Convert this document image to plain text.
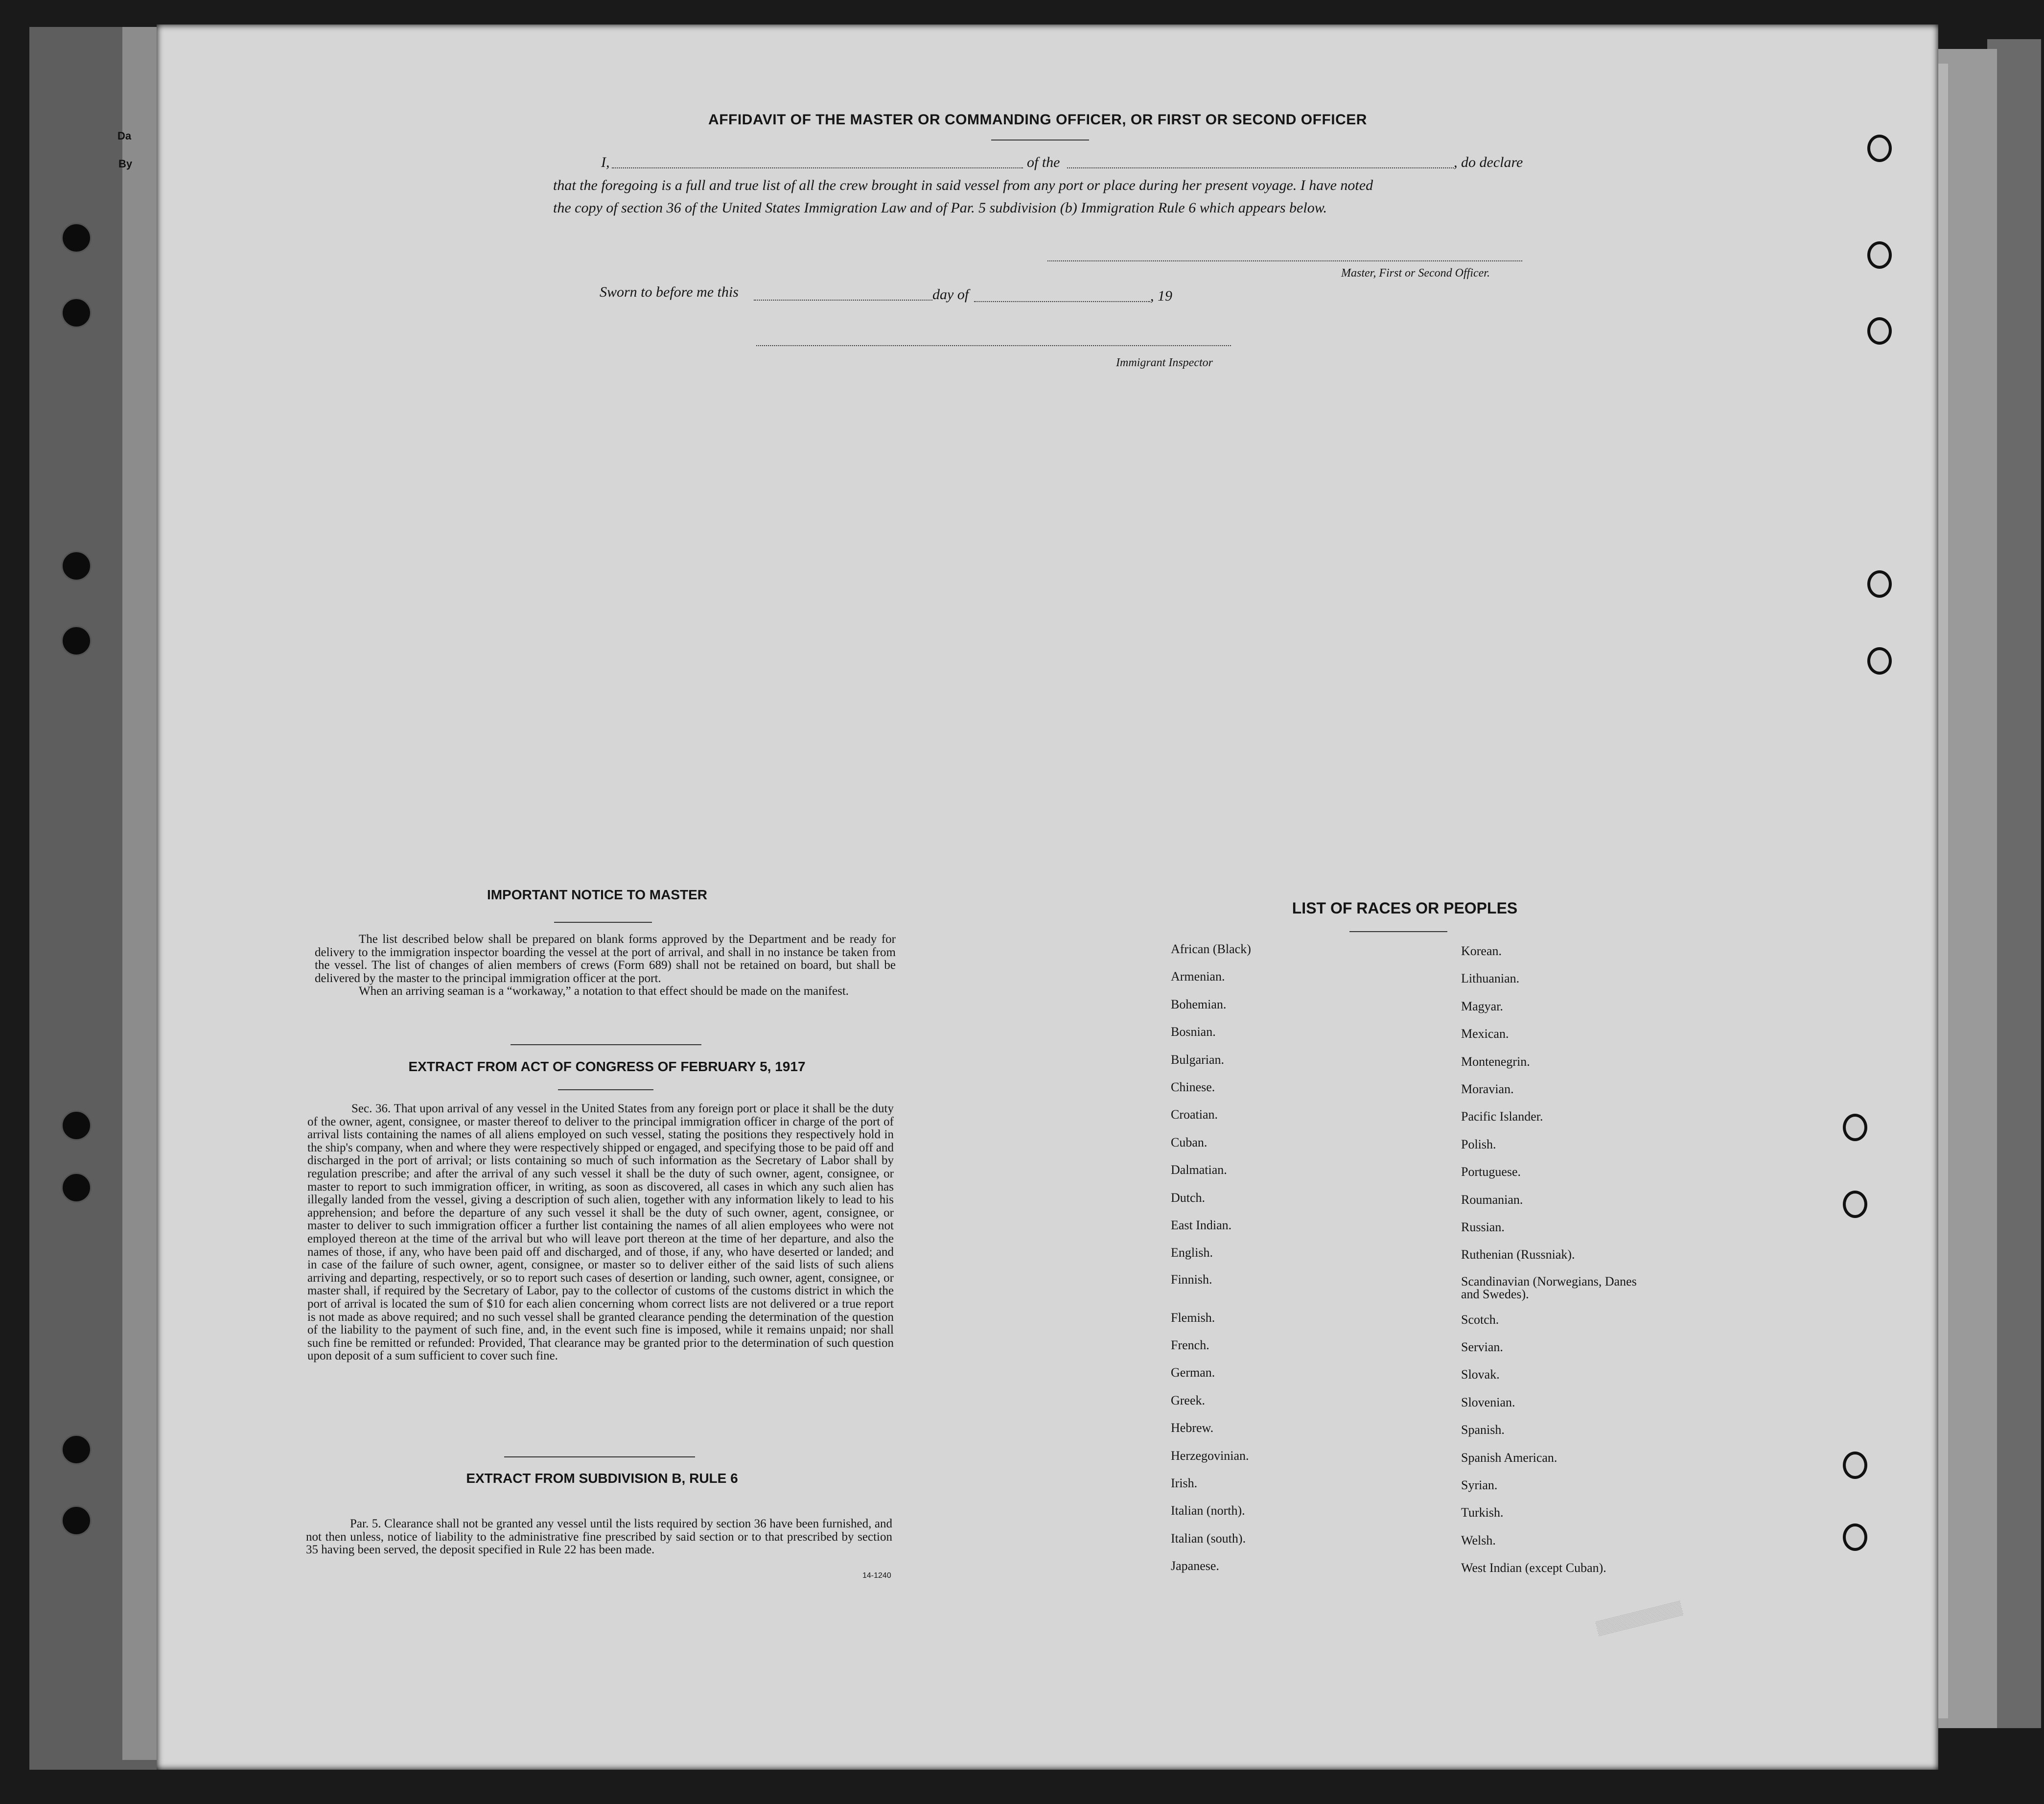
Da
By
AFFIDAVIT OF THE MASTER OR COMMANDING OFFICER, OR FIRST OR SECOND OFFICER
I,	of the	, do declare
that the foregoing is a full and true list of all the crew brought in said vessel from any port or place during her present voyage. I have noted
the copy of section 36 of the United States Immigration Law and of Par. 5 subdivision (b) Immigration Rule 6 which appears below.
Master, First or Second Officer.
Sworn to before me this	day of	, 19
Immigrant Inspector
IMPORTANT NOTICE TO MASTER

The list described below shall be prepared on blank forms approved by the Department and be ready for delivery to the immigration inspector boarding the vessel at the port of arrival, and shall in no instance be taken from the vessel. The list of changes of alien members of crews (Form 689) shall not be retained on board, but shall be delivered by the master to the principal immigration officer at the port.

When an arriving seaman is a “workaway,” a notation to that effect should be made on the manifest.

EXTRACT FROM ACT OF CONGRESS OF FEBRUARY 5, 1917

Sec. 36. That upon arrival of any vessel in the United States from any foreign port or place it shall be the duty of the owner, agent, consignee, or master thereof to deliver to the principal immigration officer in charge of the port of arrival lists containing the names of all aliens employed on such vessel, stating the positions they respectively hold in the ship's company, when and where they were respectively shipped or engaged, and specifying those to be paid off and discharged in the port of arrival; or lists containing so much of such information as the Secretary of Labor shall by regulation prescribe; and after the arrival of any such vessel it shall be the duty of such owner, agent, consignee, or master to report to such immigration officer, in writing, as soon as discovered, all cases in which any such alien has illegally landed from the vessel, giving a description of such alien, together with any information likely to lead to his apprehension; and before the departure of any such vessel it shall be the duty of such owner, agent, consignee, or master to deliver to such immigration officer a further list containing the names of all alien employees who were not employed thereon at the time of the arrival but who will leave port thereon at the time of her departure, and also the names of those, if any, who have been paid off and discharged, and of those, if any, who have deserted or landed; and in case of the failure of such owner, agent, consignee, or master so to deliver either of the said lists of such aliens arriving and departing, respectively, or so to report such cases of desertion or landing, such owner, agent, consignee, or master shall, if required by the Secretary of Labor, pay to the collector of customs of the customs district in which the port of arrival is located the sum of $10 for each alien concerning whom correct lists are not delivered or a true report is not made as above required; and no such vessel shall be granted clearance pending the determination of the question of the liability to the payment of such fine, and, in the event such fine is imposed, while it remains unpaid; nor shall such fine be remitted or refunded: Provided, That clearance may be granted prior to the determination of such question upon deposit of a sum sufficient to cover such fine.

EXTRACT FROM SUBDIVISION B, RULE 6

Par. 5. Clearance shall not be granted any vessel until the lists required by section 36 have been furnished, and not then unless, notice of liability to the administrative fine prescribed by said section or to that prescribed by section 35 having been served, the deposit specified in Rule 22 has been made.

14-1240
LIST OF RACES OR PEOPLES
African (Black)
Armenian.
Bohemian.
Bosnian.
Bulgarian.
Chinese.
Croatian.
Cuban.
Dalmatian.
Dutch.
East Indian.
English.
Finnish.
Flemish.
French.
German.
Greek.
Hebrew.
Herzegovinian.
Irish.
Italian (north).
Italian (south).
Japanese.
Korean.
Lithuanian.
Magyar.
Mexican.
Montenegrin.
Moravian.
Pacific Islander.
Polish.
Portuguese.
Roumanian.
Russian.
Ruthenian (Russniak).
Scandinavian (Norwegians, Danes and Swedes).
Scotch.
Servian.
Slovak.
Slovenian.
Spanish.
Spanish American.
Syrian.
Turkish.
Welsh.
West Indian (except Cuban).
▒▒▒▒▒▒▒▒▒
